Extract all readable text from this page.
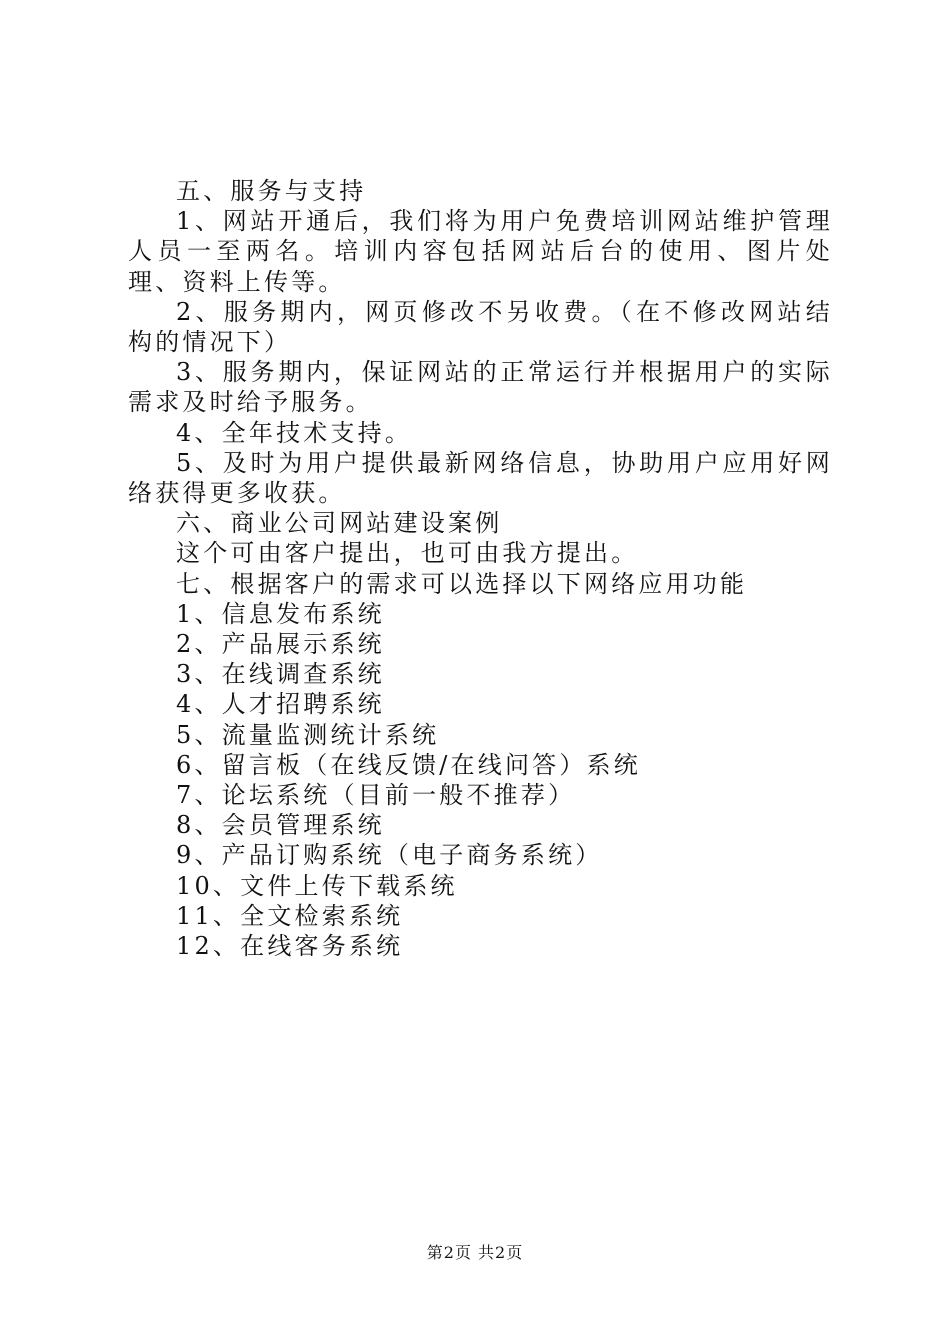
五、服务与支持

1、网站开通后，我们将为用户免费培训网站维护管理人员一至两名。培训内容包括网站后台的使用、图片处理、资料上传等。

2、服务期内，网页修改不另收费。（在不修改网站结构的情况下）

3、服务期内，保证网站的正常运行并根据用户的实际需求及时给予服务。

4、全年技术支持。

5、及时为用户提供最新网络信息，协助用户应用好网络获得更多收获。

六、商业公司网站建设案例

这个可由客户提出，也可由我方提出。

七、根据客户的需求可以选择以下网络应用功能

1、信息发布系统

2、产品展示系统

3、在线调查系统

4、人才招聘系统

5、流量监测统计系统

6、留言板（在线反馈/在线问答）系统

7、论坛系统（目前一般不推荐）

8、会员管理系统

9、产品订购系统（电子商务系统）

10、文件上传下载系统

11、全文检索系统

12、在线客务系统

第2页 共2页
